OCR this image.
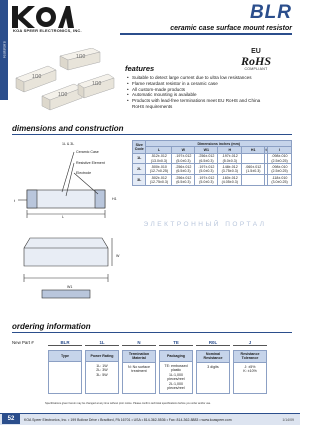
resistors
KOA SPEER ELECTRONICS, INC.
BLR
ceramic case surface mount resistor
EU
RoHS
COMPLIANT
1Ω0
1Ω0
1Ω0
1Ω0
features
• Suitable to detect large current due to ultra low resistances
• Flame retardant resistor in a ceramic case
• All custom-made products
• Automatic mounting is available
• Products with lead-free terminations meet EU RoHS and China RoHS requirements
dimensions and construction
1L & 3L
Ceramic Case
Resistive Element
Electrode
t
L
H1
W
W1
Size Code	Dimensions inches (mm)						
	L	W	W1	H	H1	t	l
1L	.512±.012 (13.0±0.3)	.197±.012 (5.0±0.3)	.256±.012 (6.5±0.3)	.197±.012 (5.0±0.3)			.098±.010 (2.5±0.25)
2L	.500±.010 (12.7±0.25)	.256±.012 (6.5±0.3)	.197±.012 (5.0±0.3)	.148±.012 (3.75±0.3)	.060±.012 (1.5±0.3)		.098±.010 (2.5±0.25)
3L	.502±.012 (12.75±0.3)	.256±.012 (6.5±0.3)	.197±.012 (5.0±0.3)	.160±.012 (4.05±0.3)			.118±.010 (3.0±0.25)
ЭЛЕКТРОННЫЙ ПОРТАЛ
ordering information
New Part #	BLR	1L	N	TE	R0L	J
Type	Power Rating
1L: 1W
2L: 3W
3L: 5W
Termination Material
N: No surface treatment
Packaging
TE: embossed plastic
1L:1,000 pieces/reel
2L:1,000 pieces/reel
Nominal Resistance
3 digits
Resistance Tolerance
J: ±5%
K: ±10%
Specifications given herein may be changed at any time without prior notice. Please confirm technical specifications before you order and/or use.
52	KOA Speer Electronics, Inc. • 199 Bolivar Drive • Bradford, PA 16701 • USA • 814-362-5536 • Fax: 814-362-8883 • www.koaspeer.com	1/14/09
